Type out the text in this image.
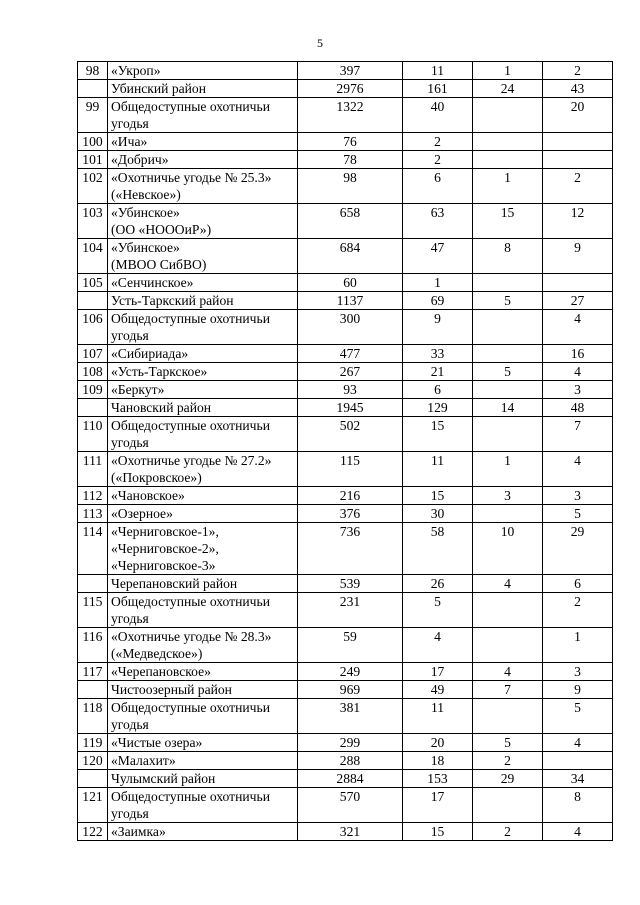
5
98	«Укроп»	397	11	1	2
	Убинский район	2976	161	24	43
99	Общедоступные охотничьи
угодья	1322	40		20
100	«Ича»	76	2		
101	«Добрич»	78	2		
102	«Охотничье угодье № 25.3»
(«Невское»)	98	6	1	2
103	«Убинское»
(ОО «НОООиР»)	658	63	15	12
104	«Убинское»
(МВОО СибВО)	684	47	8	9
105	«Сенчинское»	60	1		
	Усть-Таркский район	1137	69	5	27
106	Общедоступные охотничьи
угодья	300	9		4
107	«Сибириада»	477	33		16
108	«Усть-Таркское»	267	21	5	4
109	«Беркут»	93	6		3
	Чановский район	1945	129	14	48
110	Общедоступные охотничьи
угодья	502	15		7
111	«Охотничье угодье № 27.2»
(«Покровское»)	115	11	1	4
112	«Чановское»	216	15	3	3
113	«Озерное»	376	30		5
114	«Черниговское-1»,
«Черниговское-2»,
«Черниговское-3»	736	58	10	29
	Черепановский район	539	26	4	6
115	Общедоступные охотничьи
угодья	231	5		2
116	«Охотничье угодье № 28.3»
(«Медведское»)	59	4		1
117	«Черепановское»	249	17	4	3
	Чистоозерный район	969	49	7	9
118	Общедоступные охотничьи
угодья	381	11		5
119	«Чистые озера»	299	20	5	4
120	«Малахит»	288	18	2	
	Чулымский район	2884	153	29	34
121	Общедоступные охотничьи
угодья	570	17		8
122	«Заимка»	321	15	2	4
